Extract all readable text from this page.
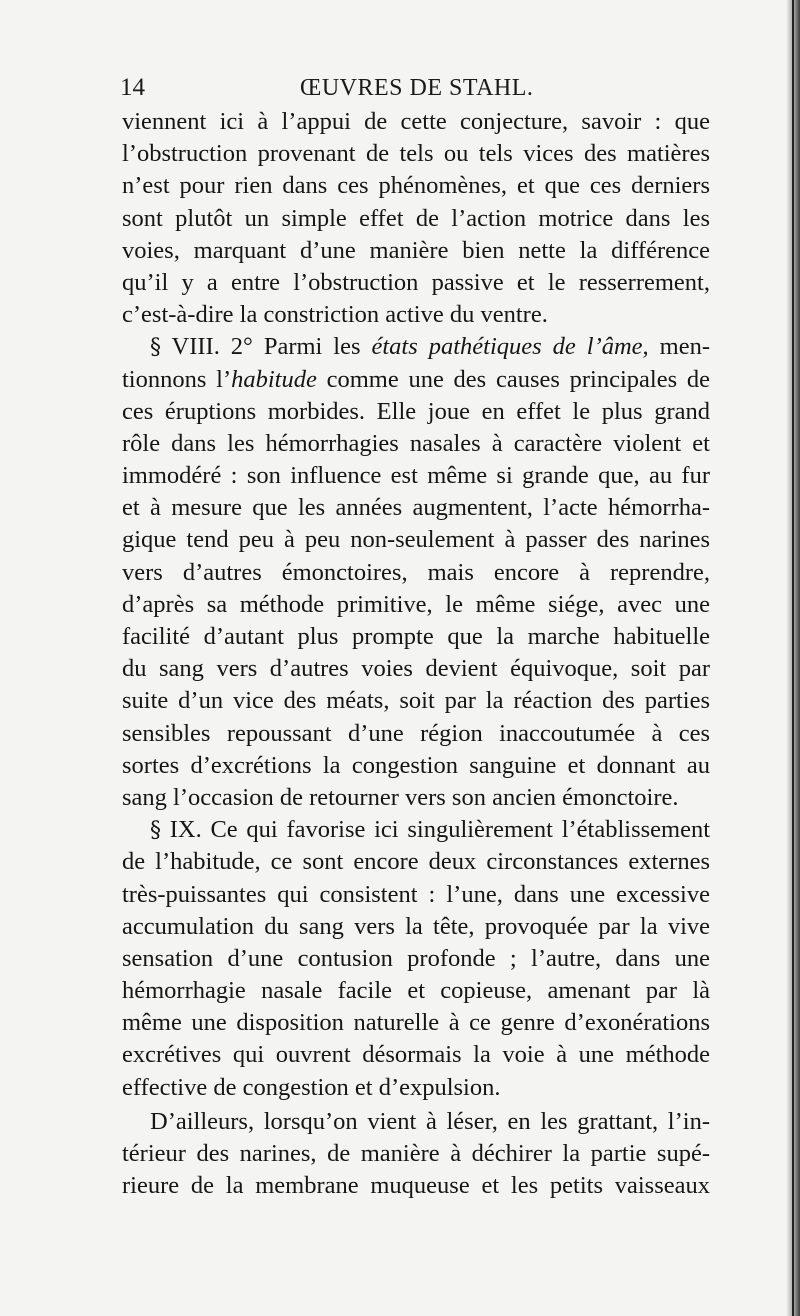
14	ŒUVRES DE STAHL.
viennent ici à l’appui de cette conjecture, savoir : que
l’obstruction provenant de tels ou tels vices des matières
n’est pour rien dans ces phénomènes, et que ces derniers
sont plutôt un simple effet de l’action motrice dans les
voies, marquant d’une manière bien nette la différence
qu’il y a entre l’obstruction passive et le resserrement,
c’est-à-dire la constriction active du ventre.
§ VIII. 2° Parmi les états pathétiques de l’âme, men-
tionnons l’habitude comme une des causes principales de
ces éruptions morbides. Elle joue en effet le plus grand
rôle dans les hémorrhagies nasales à caractère violent et
immodéré : son influence est même si grande que, au fur
et à mesure que les années augmentent, l’acte hémorrha-
gique tend peu à peu non-seulement à passer des narines
vers d’autres émonctoires, mais encore à reprendre,
d’après sa méthode primitive, le même siége, avec une
facilité d’autant plus prompte que la marche habituelle
du sang vers d’autres voies devient équivoque, soit par
suite d’un vice des méats, soit par la réaction des parties
sensibles repoussant d’une région inaccoutumée à ces
sortes d’excrétions la congestion sanguine et donnant au
sang l’occasion de retourner vers son ancien émonctoire.
§ IX. Ce qui favorise ici singulièrement l’établissement
de l’habitude, ce sont encore deux circonstances externes
très-puissantes qui consistent : l’une, dans une excessive
accumulation du sang vers la tête, provoquée par la vive
sensation d’une contusion profonde ; l’autre, dans une
hémorrhagie nasale facile et copieuse, amenant par là
même une disposition naturelle à ce genre d’exonérations
excrétives qui ouvrent désormais la voie à une méthode
effective de congestion et d’expulsion.
D’ailleurs, lorsqu’on vient à léser, en les grattant, l’in-
térieur des narines, de manière à déchirer la partie supé-
rieure de la membrane muqueuse et les petits vaisseaux
